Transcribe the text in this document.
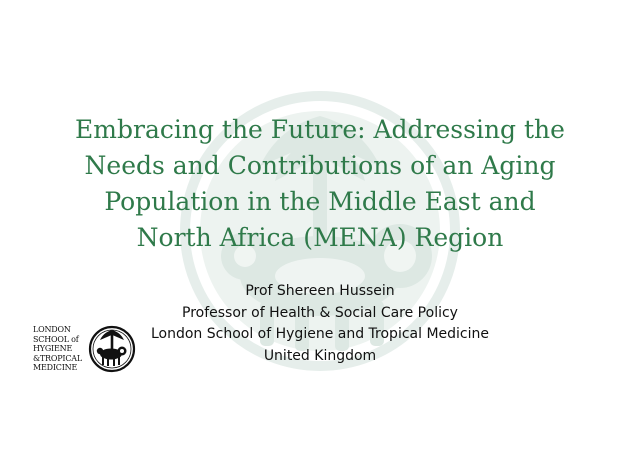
Embracing the Future: Addressing the
Needs and Contributions of an Aging
Population in the Middle East and
North Africa (MENA) Region
Prof Shereen Hussein
Professor of Health & Social Care Policy
London School of Hygiene and Tropical Medicine
United Kingdom
LONDON
SCHOOL of
HYGIENE
&TROPICAL
MEDICINE
